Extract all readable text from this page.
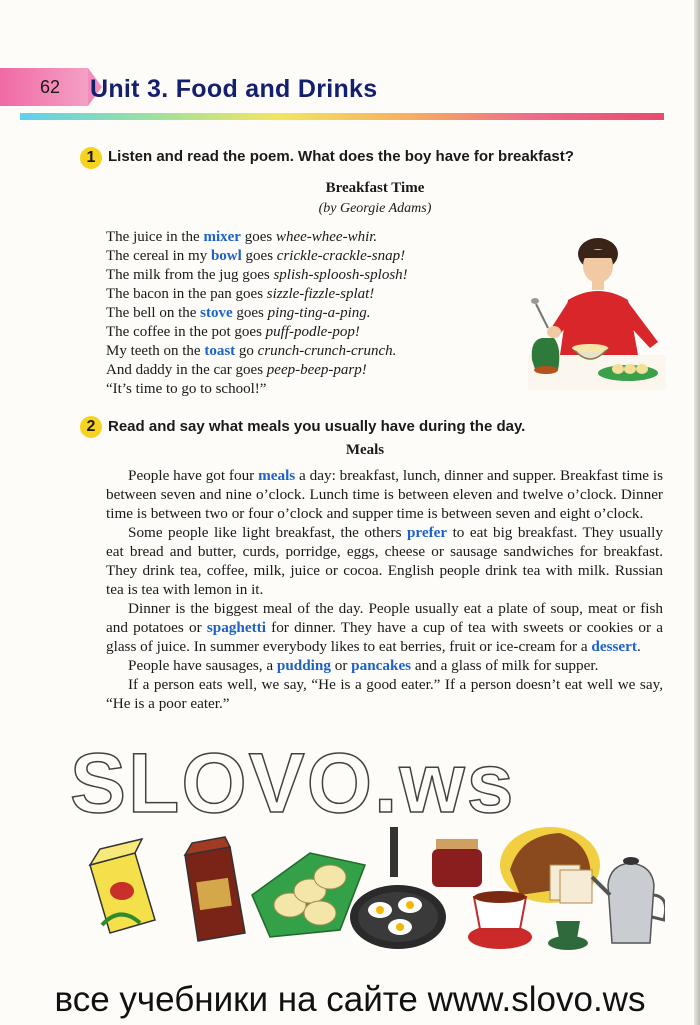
62 Unit 3. Food and Drinks
1 Listen and read the poem. What does the boy have for breakfast?
Breakfast Time
(by Georgie Adams)
The juice in the mixer goes whee-whee-whir.
The cereal in my bowl goes crickle-crackle-snap!
The milk from the jug goes splish-sploosh-splosh!
The bacon in the pan goes sizzle-fizzle-splat!
The bell on the stove goes ping-ting-a-ping.
The coffee in the pot goes puff-podle-pop!
My teeth on the toast go crunch-crunch-crunch.
And daddy in the car goes peep-beep-parp!
“It’s time to go to school!”
2 Read and say what meals you usually have during the day.
Meals

People have got four meals a day: breakfast, lunch, dinner and supper. Breakfast time is between seven and nine o’clock. Lunch time is between eleven and twelve o’clock. Dinner time is between two or four o’clock and supper time is between seven and eight o’clock.

Some people like light breakfast, the others prefer to eat big breakfast. They usually eat bread and butter, curds, porridge, eggs, cheese or sausage sandwiches for breakfast. They drink tea, coffee, milk, juice or cocoa. English people drink tea with milk. Russian tea is tea with lemon in it.

Dinner is the biggest meal of the day. People usually eat a plate of soup, meat or fish and potatoes or spaghetti for dinner. They have a cup of tea with sweets or cookies or a glass of juice. In summer everybody likes to eat berries, fruit or ice-cream for a dessert.

People have sausages, a pudding or pancakes and a glass of milk for supper.

If a person eats well, we say, “He is a good eater.” If a person doesn’t eat well we say, “He is a poor eater.”

SLOVO.ws
все учебники на сайте www.slovo.ws
